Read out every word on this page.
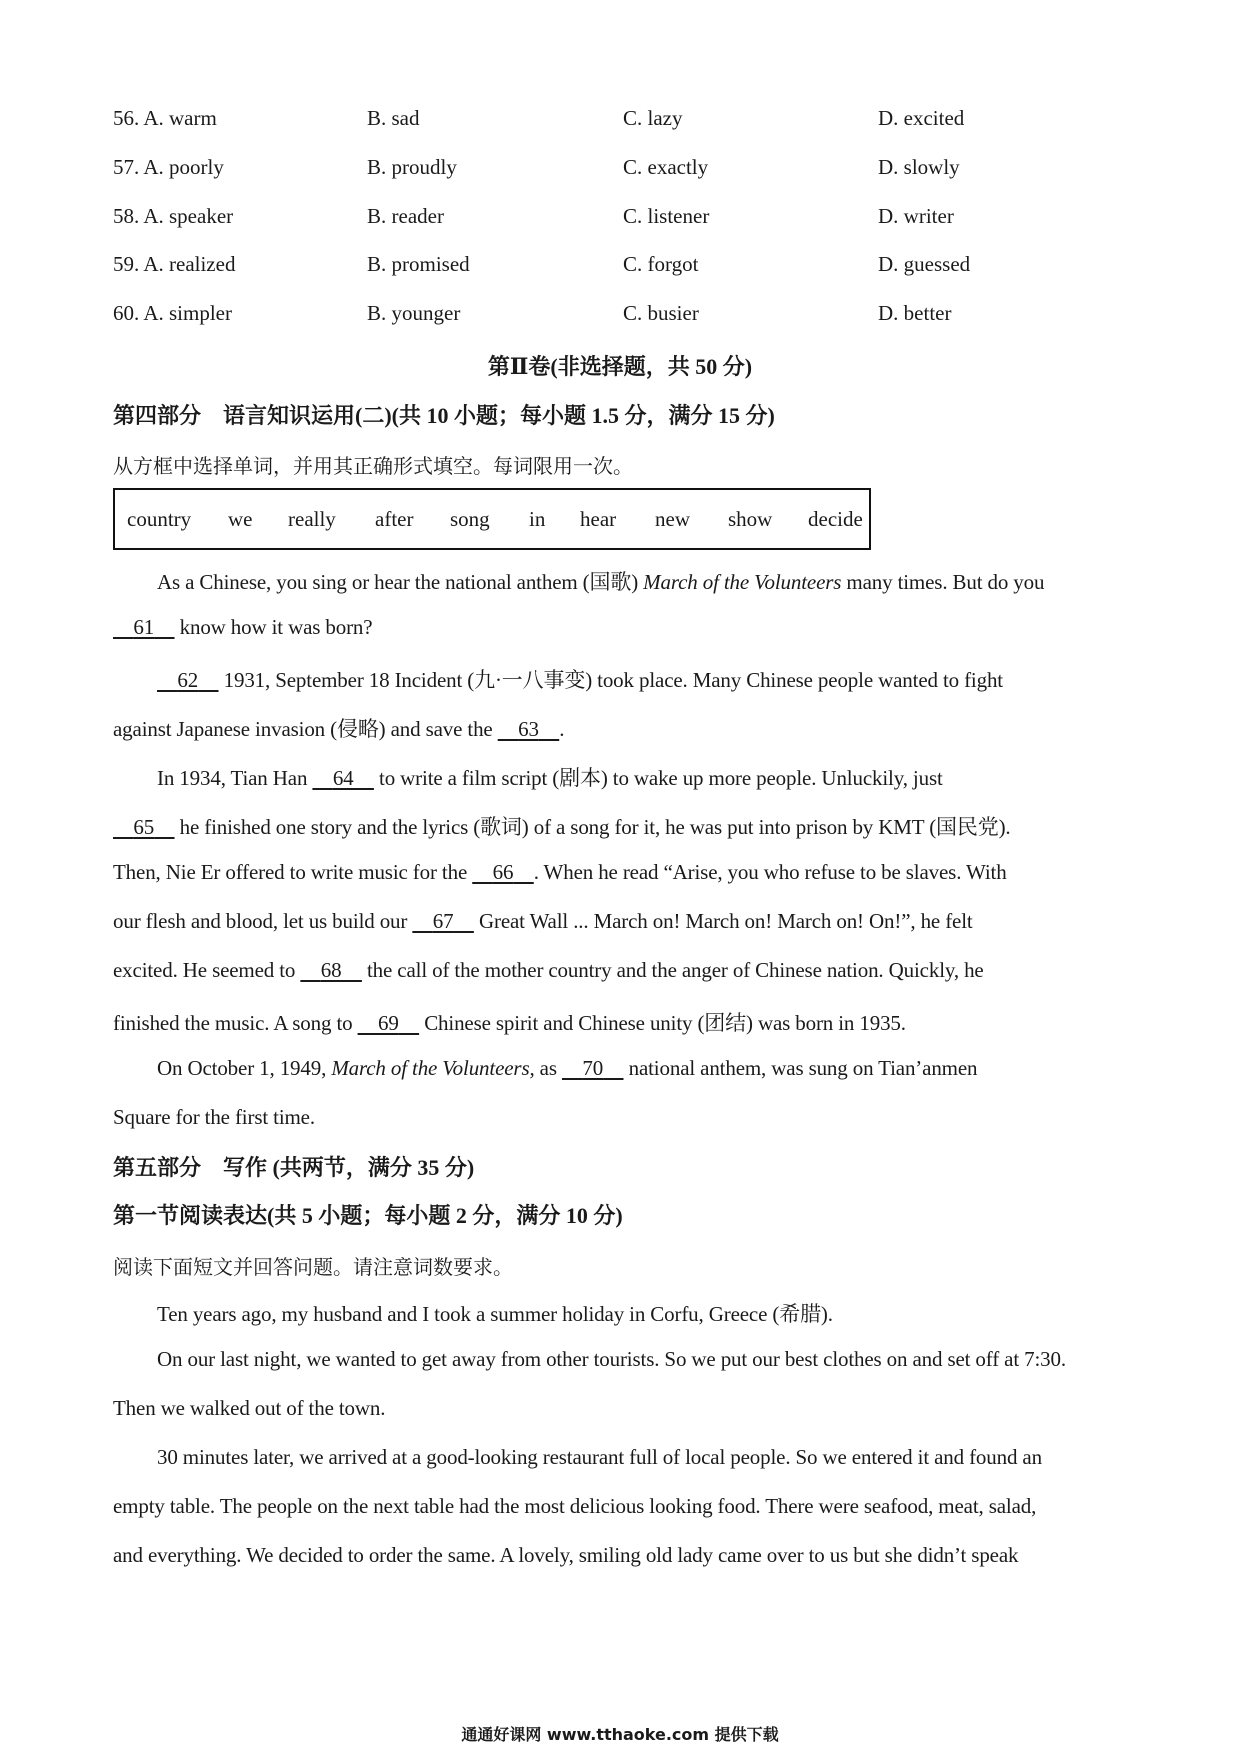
56. A. warm	B. sad	C. lazy	D. excited
57. A. poorly	B. proudly	C. exactly	D. slowly
58. A. speaker	B. reader	C. listener	D. writer
59. A. realized	B. promised	C. forgot	D. guessed
60. A. simpler	B. younger	C. busier	D. better
第Ⅱ卷(非选择题，共 50 分)
第四部分　语言知识运用(二)(共 10 小题；每小题 1.5 分，满分 15 分)
从方框中选择单词，并用其正确形式填空。每词限用一次。
country we really after song in hear new show decide
As a Chinese, you sing or hear the national anthem (国歌) March of the Volunteers many times. But do you
61     know how it was born?
62     1931, September 18 Incident (九·一八事变) took place. Many Chinese people wanted to fight
against Japanese invasion (侵略) and save the     63 .
In 1934, Tian Han     64     to write a film script (剧本) to wake up more people. Unluckily, just
65     he finished one story and the lyrics (歌词) of a song for it, he was put into prison by KMT (国民党).
Then, Nie Er offered to write music for the     66 . When he read “Arise, you who refuse to be slaves. With
our flesh and blood, let us build our     67     Great Wall ... March on! March on! March on! On!”, he felt
excited. He seemed to     68     the call of the mother country and the anger of Chinese nation. Quickly, he
finished the music. A song to     69     Chinese spirit and Chinese unity (团结) was born in 1935.
On October 1, 1949, March of the Volunteers, as     70     national anthem, was sung on Tian’anmen
Square for the first time.
第五部分　写作 (共两节，满分 35 分)
第一节阅读表达(共 5 小题；每小题 2 分，满分 10 分)
阅读下面短文并回答问题。请注意词数要求。
Ten years ago, my husband and I took a summer holiday in Corfu, Greece (希腊).
On our last night, we wanted to get away from other tourists. So we put our best clothes on and set off at 7:30.
Then we walked out of the town.
30 minutes later, we arrived at a good-looking restaurant full of local people. So we entered it and found an
empty table. The people on the next table had the most delicious looking food. There were seafood, meat, salad,
and everything. We decided to order the same. A lovely, smiling old lady came over to us but she didn’t speak
通通好课网 www.tthaoke.com 提供下载
